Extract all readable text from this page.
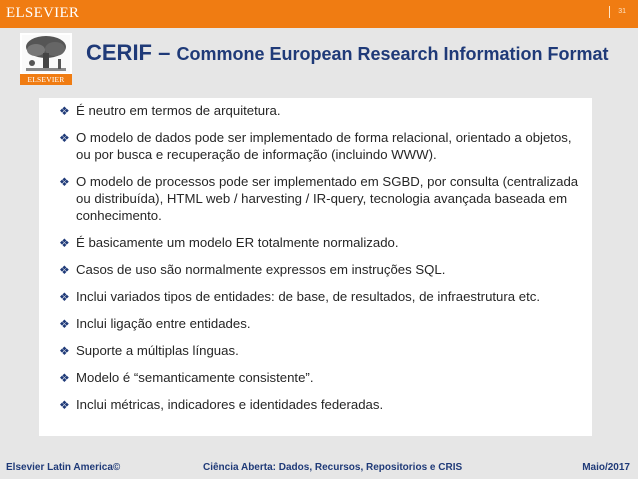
ELSEVIER	31
ELSEVIER
CERIF – Commone European Research Information Format
❖ É neutro em termos de arquitetura.
❖ O modelo de dados pode ser implementado de forma relacional, orientado a objetos, ou por busca e recuperação de informação (incluindo WWW).
❖ O modelo de processos pode ser implementado em SGBD, por consulta (centralizada ou distribuída), HTML web / harvesting / IR-query, tecnologia avançada baseada em conhecimento.
❖ É basicamente um modelo ER totalmente normalizado.
❖ Casos de uso são normalmente expressos em instruções SQL.
❖ Inclui variados tipos de entidades: de base, de resultados, de infraestrutura etc.
❖ Inclui ligação entre entidades.
❖ Suporte a múltiplas línguas.
❖ Modelo é “semanticamente consistente”.
❖ Inclui métricas, indicadores e identidades federadas.
Elsevier Latin America©	Ciência Aberta: Dados, Recursos, Repositorios e CRIS	Maio/2017
